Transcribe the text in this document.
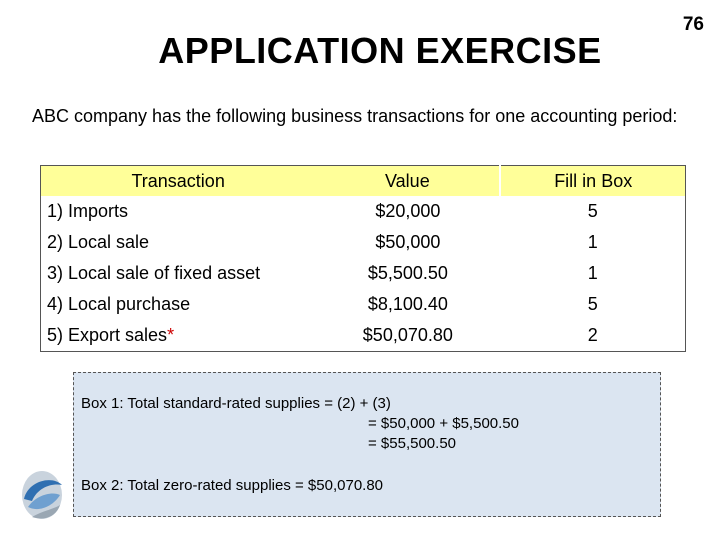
76
APPLICATION EXERCISE
ABC company has the following business transactions for one accounting period:
Transaction	Value	Fill in Box
1) Imports	$20,000	5
2) Local sale	$50,000	1
3) Local sale of fixed asset	$5,500.50	1
4) Local purchase	$8,100.40	5
5) Export sales*	$50,070.80	2
Box 1: Total standard-rated supplies = (2) + (3)
= $50,000 + $5,500.50
= $55,500.50
Box 2: Total zero-rated supplies = $50,070.80
